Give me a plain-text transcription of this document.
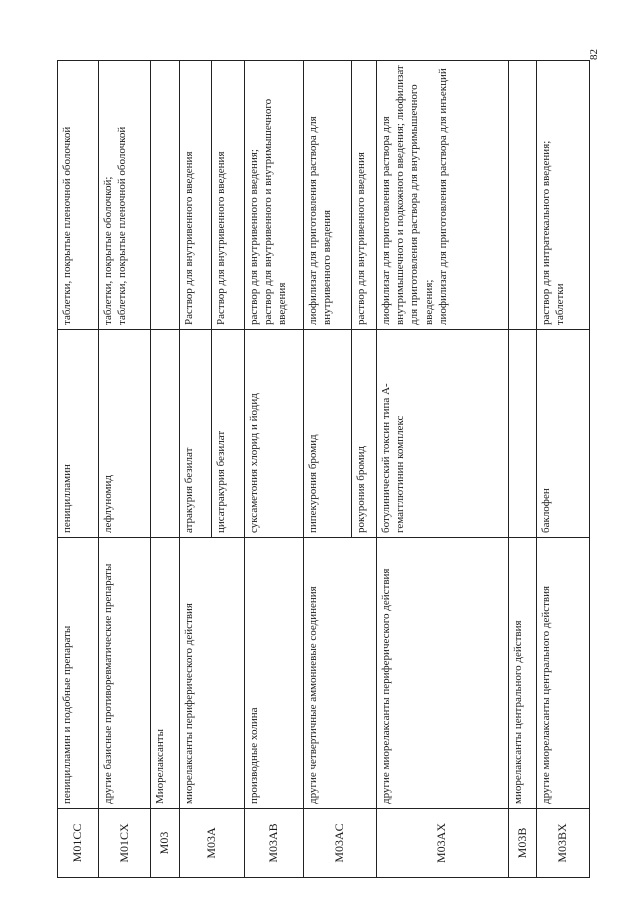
82
M01CC	пеницилламин и подобные препараты	пеницилламин	таблетки, покрытые пленочной оболочкой
M01CX	другие базисные противоревматические препараты	лефлуномид	таблетки, покрытые оболочкой; таблетки, покрытые пленочной оболочкой

M03	Миорелаксанты		
M03A	миорелаксанты периферического действия	атракурия безилат	Раствор для внутривенного введения
		цисатракурия безилат	Раствор для внутривенного введения
M03AB	производные холина	суксаметония хлорид и йодид	раствор для внутривенного введения; раствор для внутривенного и внутримышечного введения

M03AC	другие четвертичные аммониевые соединения	пипекурония бромид	лиофилизат для приготовления раствора для внутривенного введения
		рокурония бромид	раствор для внутривенного введения
M03AX	другие миорелаксанты периферического действия	ботулинический токсин типа А-гемагглютинин комплекс	лиофилизат для приготовления раствора для внутримышечного и подкожного введения; лиофилизат для приготовления раствора для внутримышечного введения; лиофилизат для приготовления раствора для инъекций

M03B	миорелаксанты центрального действия		
M03BX	другие миорелаксанты центрального действия	баклофен	раствор для интратекального введения; таблетки
